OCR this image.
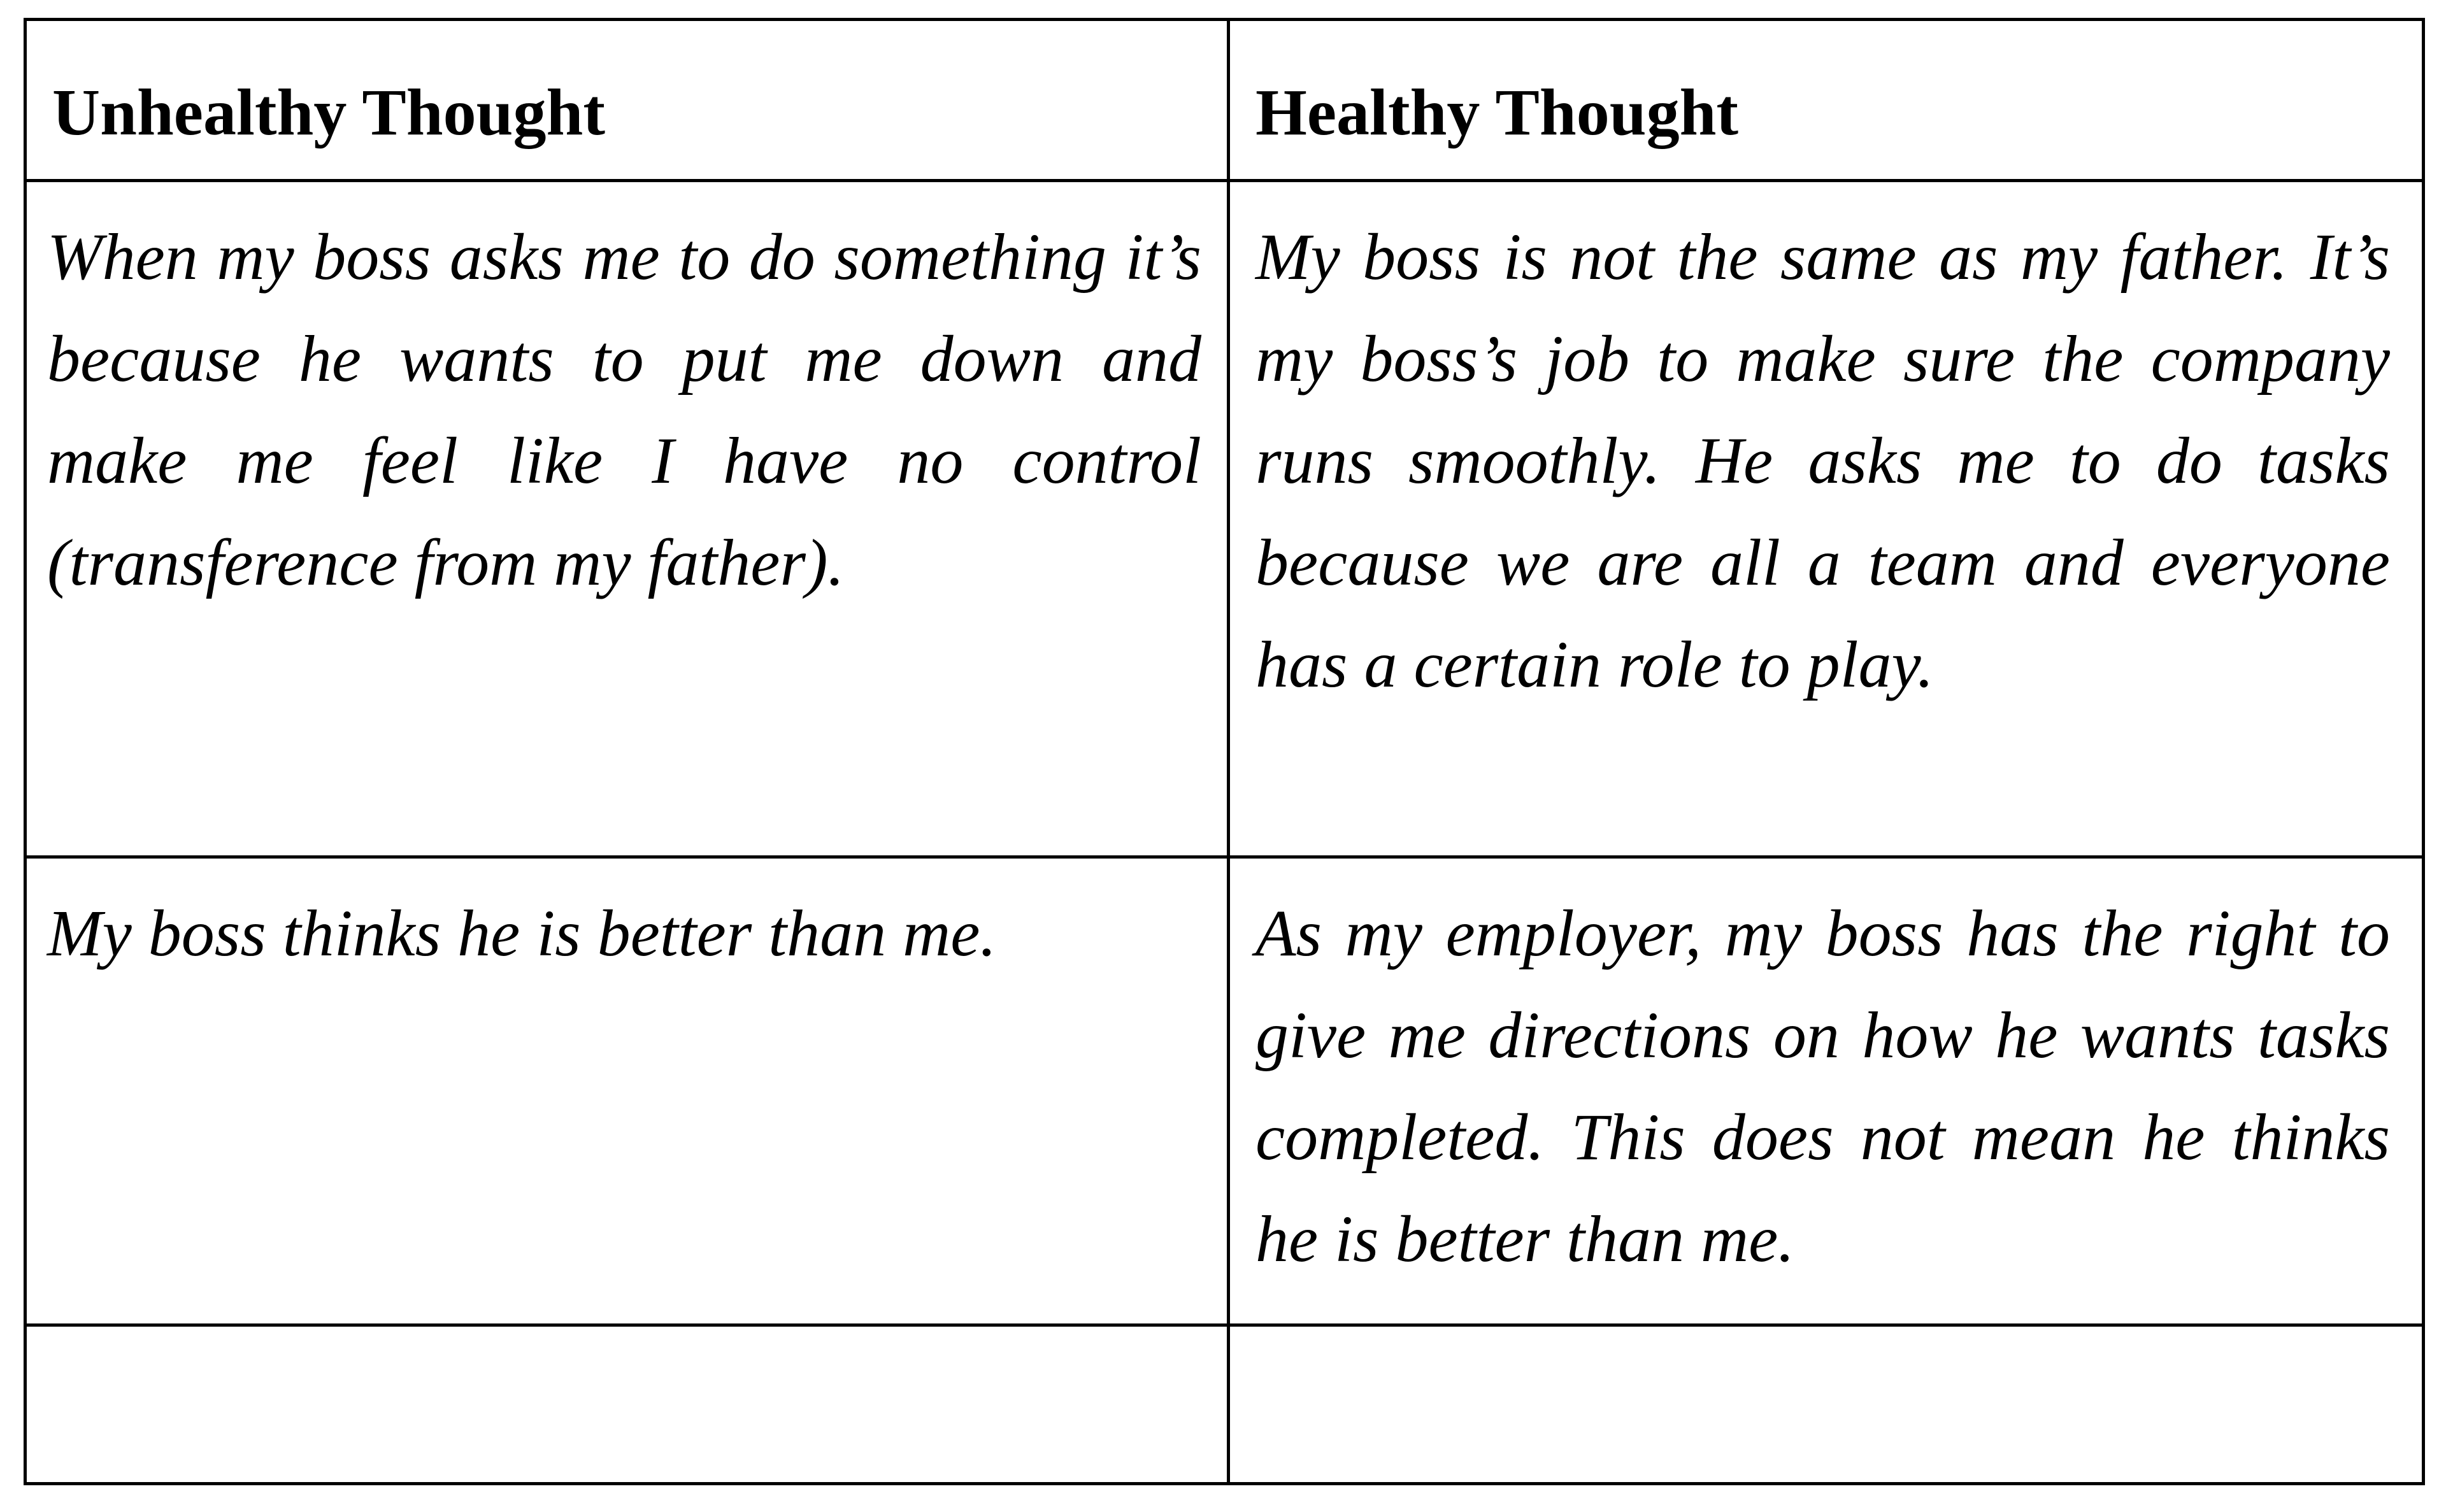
Unhealthy Thought	Healthy Thought
When my boss asks me to do something it’s because he wants to put me down and make me feel like I have no control (transference from my father).	My boss is not the same as my father. It’s my boss’s job to make sure the company runs smoothly. He asks me to do tasks because we are all a team and everyone has a certain role to play.
My boss thinks he is better than me.	As my employer, my boss has the right to give me directions on how he wants tasks completed. This does not mean he thinks he is better than me.
